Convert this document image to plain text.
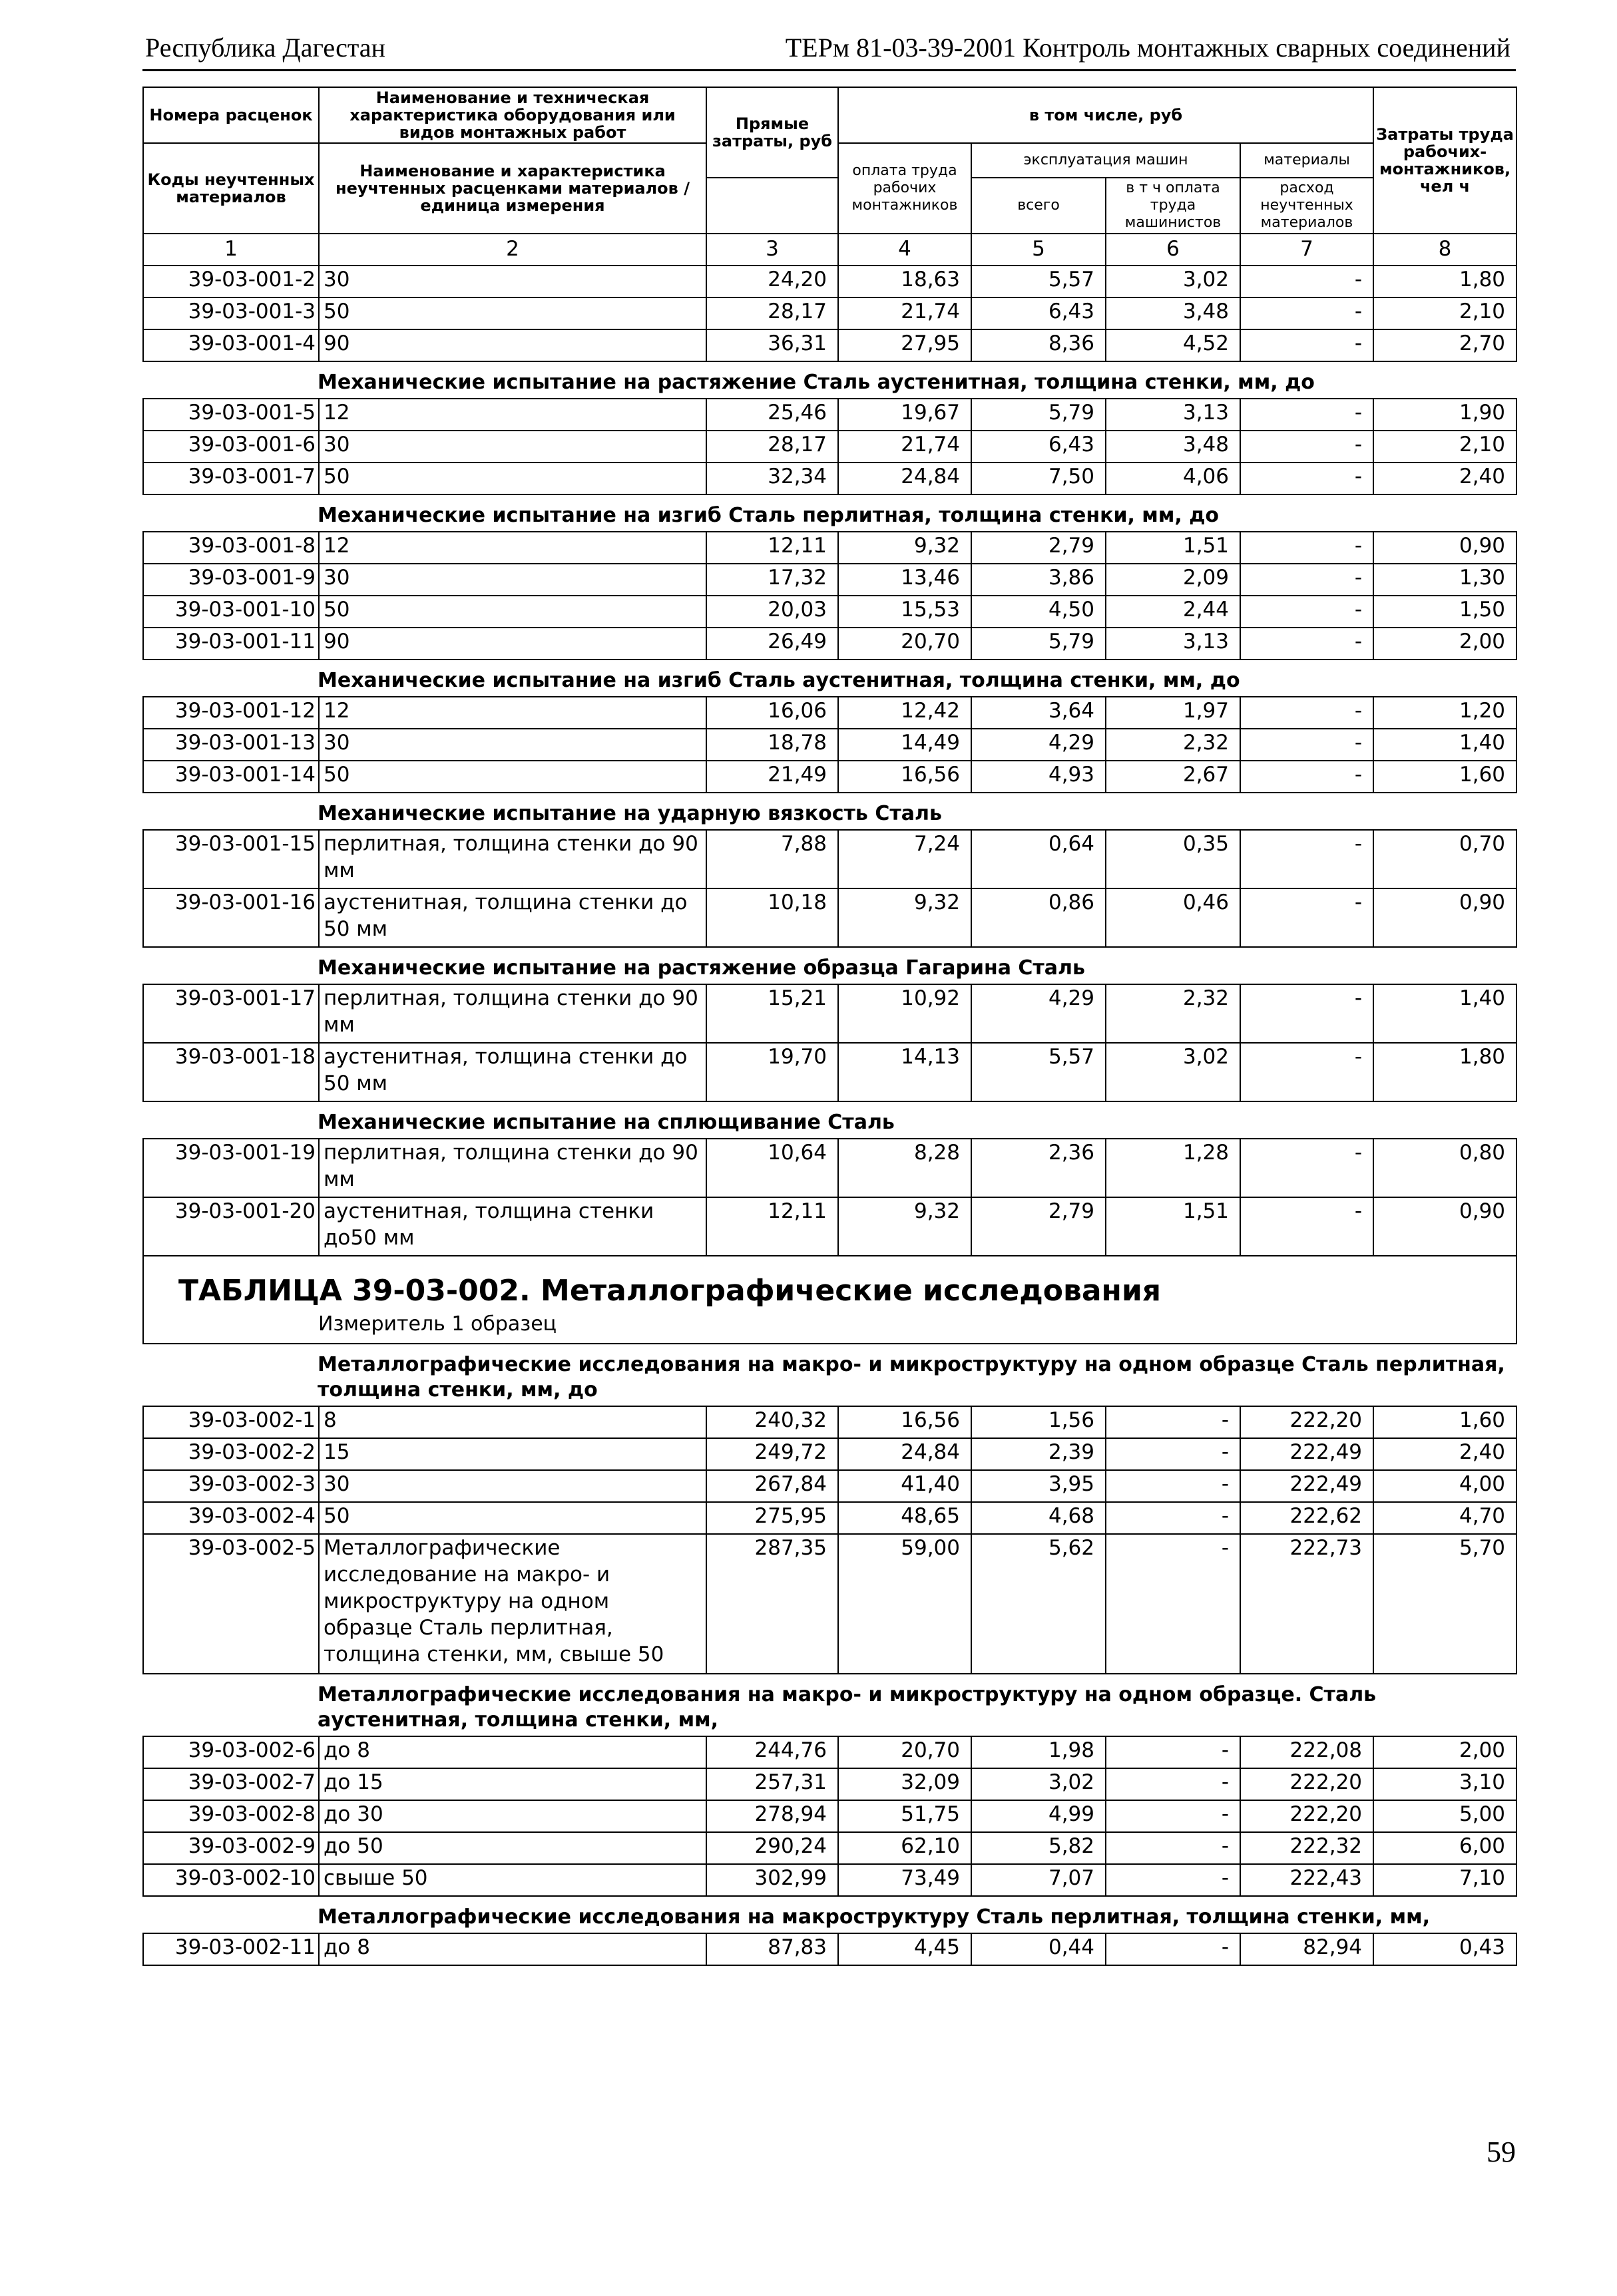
Республика Дагестан	ТЕРм 81-03-39-2001 Контроль монтажных сварных соединений
Номера расценок	Наименование и техническая характеристика оборудования или видов монтажных работ	Прямые затраты, руб	в том числе, руб				Затраты труда рабочих-монтажников, чел ч
Коды неучтенных материалов	Наименование и характеристика неучтенных расценками материалов / единица измерения		оплата труда рабочих монтажников	эксплуатация машин		материалы	
				всего	в т ч оплата труда машинистов	расход неучтенных материалов	

1	2	3	4	5	6	7	8
39-03-001-2	30	24,20	18,63	5,57	3,02	-	1,80
39-03-001-3	50	28,17	21,74	6,43	3,48	-	2,10
39-03-001-4	90	36,31	27,95	8,36	4,52	-	2,70
Механические испытание на растяжение Сталь аустенитная, толщина стенки, мм, до							
39-03-001-5	12	25,46	19,67	5,79	3,13	-	1,90
39-03-001-6	30	28,17	21,74	6,43	3,48	-	2,10
39-03-001-7	50	32,34	24,84	7,50	4,06	-	2,40
Механические испытание на изгиб Сталь перлитная, толщина стенки, мм, до							
39-03-001-8	12	12,11	9,32	2,79	1,51	-	0,90
39-03-001-9	30	17,32	13,46	3,86	2,09	-	1,30
39-03-001-10	50	20,03	15,53	4,50	2,44	-	1,50
39-03-001-11	90	26,49	20,70	5,79	3,13	-	2,00
Механические испытание на изгиб Сталь аустенитная, толщина стенки, мм, до							
39-03-001-12	12	16,06	12,42	3,64	1,97	-	1,20
39-03-001-13	30	18,78	14,49	4,29	2,32	-	1,40
39-03-001-14	50	21,49	16,56	4,93	2,67	-	1,60
Механические испытание на ударную вязкость Сталь							
39-03-001-15	перлитная, толщина стенки до 90 мм	7,88	7,24	0,64	0,35	-	0,70
39-03-001-16	аустенитная, толщина стенки до 50 мм	10,18	9,32	0,86	0,46	-	0,90
Механические испытание на растяжение образца Гагарина Сталь							
39-03-001-17	перлитная, толщина стенки до 90 мм	15,21	10,92	4,29	2,32	-	1,40
39-03-001-18	аустенитная, толщина стенки до 50 мм	19,70	14,13	5,57	3,02	-	1,80
Механические испытание на сплющивание Сталь							
39-03-001-19	перлитная, толщина стенки до 90 мм	10,64	8,28	2,36	1,28	-	0,80
39-03-001-20	аустенитная, толщина стенки до50 мм	12,11	9,32	2,79	1,51	-	0,90

ТАБЛИЦА 39-03-002. Металлографические исследования
Измеритель 1 образец							

Металлографические исследования на макро- и микроструктуру на одном образце Сталь перлитная, толщина стенки, мм, до							
39-03-002-1	8	240,32	16,56	1,56	-	222,20	1,60
39-03-002-2	15	249,72	24,84	2,39	-	222,49	2,40
39-03-002-3	30	267,84	41,40	3,95	-	222,49	4,00
39-03-002-4	50	275,95	48,65	4,68	-	222,62	4,70
39-03-002-5	Металлографические исследование на макро- и микроструктуру на одном образце Сталь перлитная, толщина стенки, мм, свыше 50	287,35	59,00	5,62	-	222,73	5,70
Металлографические исследования на макро- и микроструктуру на одном образце. Сталь аустенитная, толщина стенки, мм,							
39-03-002-6	до 8	244,76	20,70	1,98	-	222,08	2,00
39-03-002-7	до 15	257,31	32,09	3,02	-	222,20	3,10
39-03-002-8	до 30	278,94	51,75	4,99	-	222,20	5,00
39-03-002-9	до 50	290,24	62,10	5,82	-	222,32	6,00
39-03-002-10	свыше 50	302,99	73,49	7,07	-	222,43	7,10
Металлографические исследования на макроструктуру Сталь перлитная, толщина стенки, мм,							
39-03-002-11	до 8	87,83	4,45	0,44	-	82,94	0,43
59
